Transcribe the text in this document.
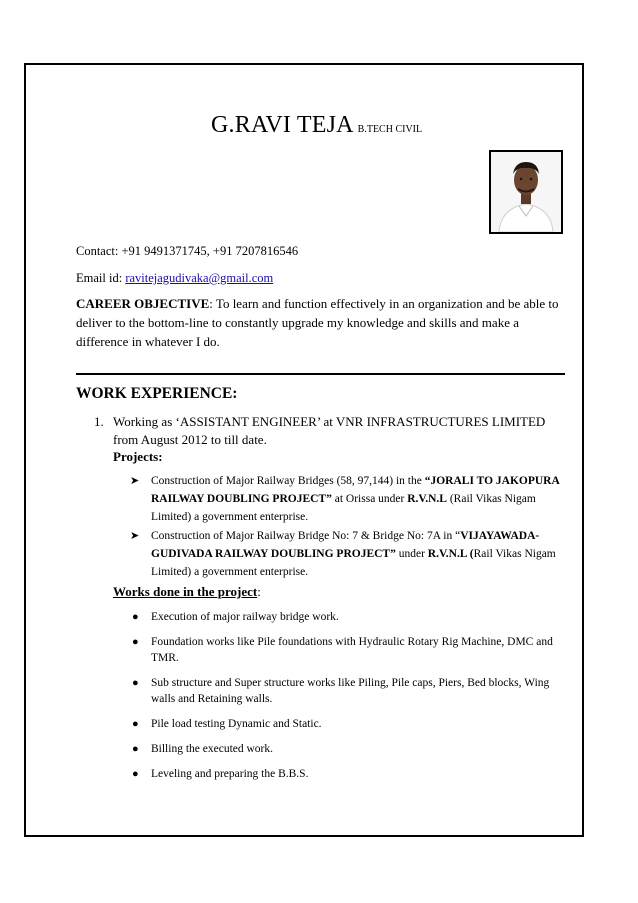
G.RAVI TEJA B.TECH CIVIL
Contact: +91 9491371745, +91 7207816546
Email id: ravitejagudivaka@gmail.com
CAREER OBJECTIVE: To learn and function effectively in an organization and be able to deliver to the bottom-line to constantly upgrade my knowledge and skills and make a difference in whatever I do.
WORK EXPERIENCE:
1. Working as ‘ASSISTANT ENGINEER’ at VNR INFRASTRUCTURES LIMITED from August 2012 to till date.
Projects:
➤ Construction of Major Railway Bridges (58, 97,144) in the “JORALI TO JAKOPURA RAILWAY DOUBLING PROJECT” at Orissa under R.V.N.L (Rail Vikas Nigam Limited) a government enterprise.
➤ Construction of Major Railway Bridge No: 7 & Bridge No: 7A in “VIJAYAWADA-GUDIVADA RAILWAY DOUBLING PROJECT” under R.V.N.L (Rail Vikas Nigam Limited) a government enterprise.
Works done in the project:
● Execution of major railway bridge work.
● Foundation works like Pile foundations with Hydraulic Rotary Rig Machine, DMC and TMR.
● Sub structure and Super structure works like Piling, Pile caps, Piers, Bed blocks, Wing walls and Retaining walls.
● Pile load testing Dynamic and Static.
● Billing the executed work.
● Leveling and preparing the B.B.S.
